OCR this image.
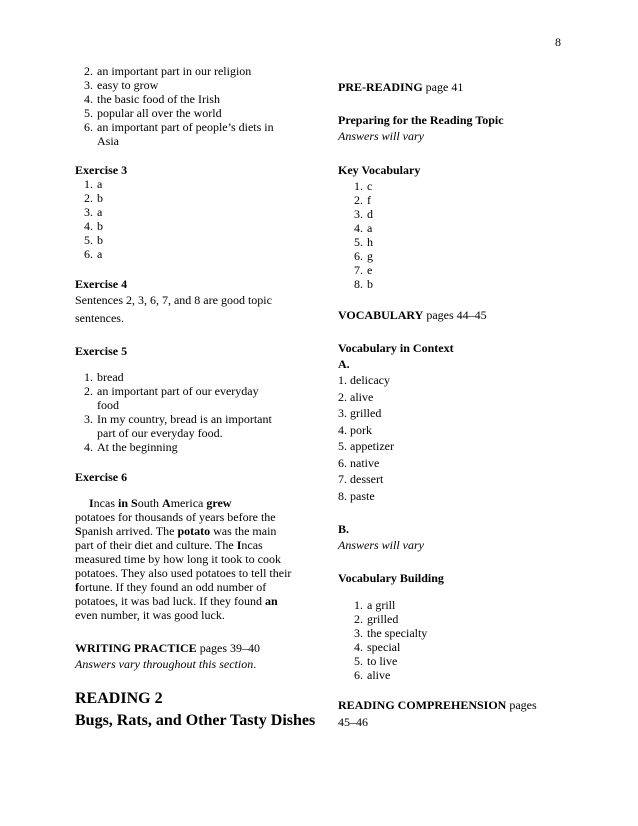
8
2. an important part in our religion
3. easy to grow
4. the basic food of the Irish
5. popular all over the world
6. an important part of people’s diets in
Asia
Exercise 3
1. a
2. b
3. a
4. b
5. b
6. a
Exercise 4
Sentences 2, 3, 6, 7, and 8 are good topic
sentences.
Exercise 5
1. bread
2. an important part of our everyday
food
3. In my country, bread is an important
part of our everyday food.
4. At the beginning
Exercise 6
Incas in South America grew
potatoes for thousands of years before the
Spanish arrived. The potato was the main
part of their diet and culture. The Incas
measured time by how long it took to cook
potatoes. They also used potatoes to tell their
fortune. If they found an odd number of
potatoes, it was bad luck. If they found an
even number, it was good luck.
WRITING PRACTICE pages 39–40
Answers vary throughout this section.
READING 2
Bugs, Rats, and Other Tasty Dishes
PRE-READING page 41
Preparing for the Reading Topic
Answers will vary
Key Vocabulary
1. c
2. f
3. d
4. a
5. h
6. g
7. e
8. b
VOCABULARY pages 44–45
Vocabulary in Context
A.
1. delicacy
2. alive
3. grilled
4. pork
5. appetizer
6. native
7. dessert
8. paste
B.
Answers will vary
Vocabulary Building
1. a grill
2. grilled
3. the specialty
4. special
5. to live
6. alive
READING COMPREHENSION pages
45–46
